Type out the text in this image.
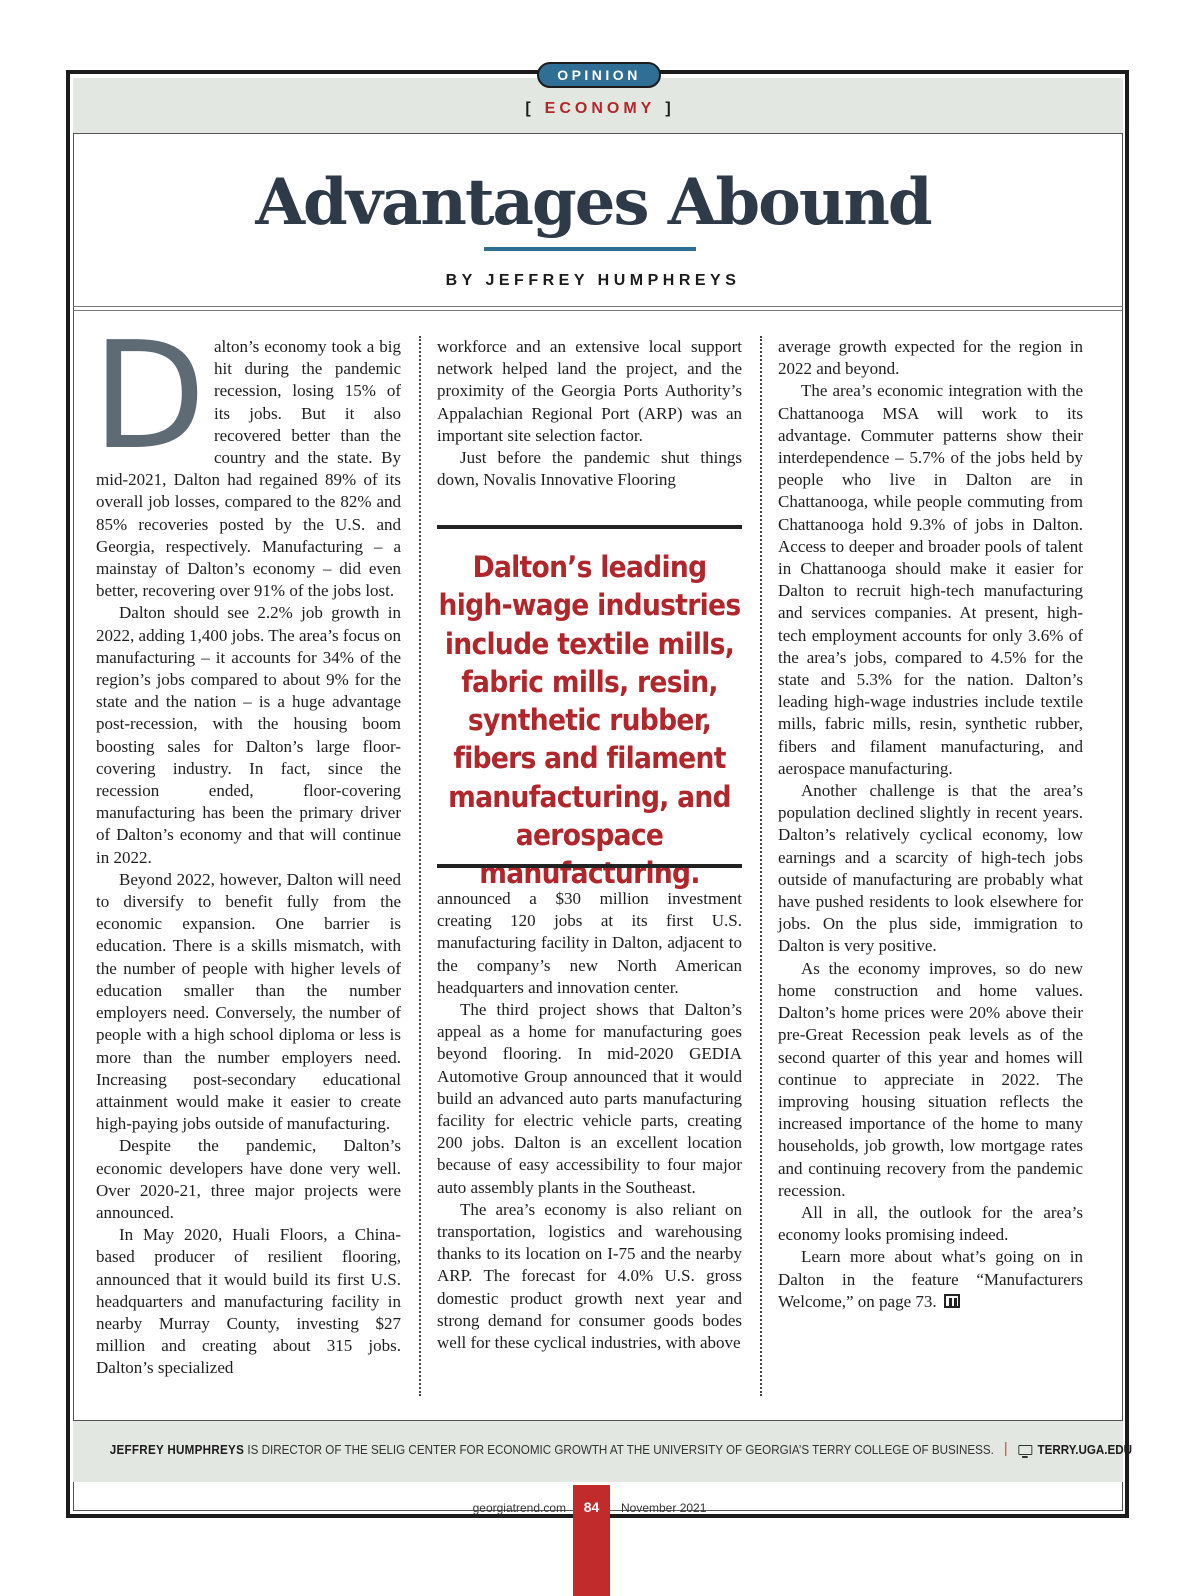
OPINION
[ ECONOMY ]
Advantages Abound
BY JEFFREY HUMPHREYS
D alton’s economy took a big hit during the pandemic recession, losing 15% of its jobs. But it also recovered better than the country and the state. By mid-2021, Dalton had regained 89% of its overall job losses, compared to the 82% and 85% recoveries posted by the U.S. and Georgia, respectively. Manufacturing – a mainstay of Dalton’s economy – did even better, recovering over 91% of the jobs lost.

Dalton should see 2.2% job growth in 2022, adding 1,400 jobs. The area’s focus on manufacturing – it accounts for 34% of the region’s jobs compared to about 9% for the state and the nation – is a huge advantage post-recession, with the housing boom boosting sales for Dalton’s large floor-covering industry. In fact, since the recession ended, floor-covering manufacturing has been the primary driver of Dalton’s economy and that will continue in 2022.

Beyond 2022, however, Dalton will need to diversify to benefit fully from the economic expansion. One barrier is education. There is a skills mismatch, with the number of people with higher levels of education smaller than the number employers need. Conversely, the number of people with a high school diploma or less is more than the number employers need. Increasing post-secondary educational attainment would make it easier to create high-paying jobs outside of manufacturing.

Despite the pandemic, Dalton’s economic developers have done very well. Over 2020-21, three major projects were announced.

In May 2020, Huali Floors, a China-based producer of resilient flooring, announced that it would build its first U.S. headquarters and manufacturing facility in nearby Murray County, investing $27 million and creating about 315 jobs. Dalton’s specialized

workforce and an extensive local support network helped land the project, and the proximity of the Georgia Ports Authority’s Appalachian Regional Port (ARP) was an important site selection factor.

Just before the pandemic shut things down, Novalis Innovative Flooring

Dalton’s leading high-wage industries include textile mills, fabric mills, resin, synthetic rubber, fibers and filament manufacturing, and aerospace manufacturing.

announced a $30 million investment creating 120 jobs at its first U.S. manufacturing facility in Dalton, adjacent to the company’s new North American headquarters and innovation center.

The third project shows that Dalton’s appeal as a home for manufacturing goes beyond flooring. In mid-2020 GEDIA Automotive Group announced that it would build an advanced auto parts manufacturing facility for electric vehicle parts, creating 200 jobs. Dalton is an excellent location because of easy accessibility to four major auto assembly plants in the Southeast.

The area’s economy is also reliant on transportation, logistics and warehousing thanks to its location on I-75 and the nearby ARP. The forecast for 4.0% U.S. gross domestic product growth next year and strong demand for consumer goods bodes well for these cyclical industries, with above

average growth expected for the region in 2022 and beyond.

The area’s economic integration with the Chattanooga MSA will work to its advantage. Commuter patterns show their interdependence – 5.7% of the jobs held by people who live in Dalton are in Chattanooga, while people commuting from Chattanooga hold 9.3% of jobs in Dalton. Access to deeper and broader pools of talent in Chattanooga should make it easier for Dalton to recruit high-tech manufacturing and services companies. At present, high-tech employment accounts for only 3.6% of the area’s jobs, compared to 4.5% for the state and 5.3% for the nation. Dalton’s leading high-wage industries include textile mills, fabric mills, resin, synthetic rubber, fibers and filament manufacturing, and aerospace manufacturing.

Another challenge is that the area’s population declined slightly in recent years. Dalton’s relatively cyclical economy, low earnings and a scarcity of high-tech jobs outside of manufacturing are probably what have pushed residents to look elsewhere for jobs. On the plus side, immigration to Dalton is very positive.

As the economy improves, so do new home construction and home values. Dalton’s home prices were 20% above their pre-Great Recession peak levels as of the second quarter of this year and homes will continue to appreciate in 2022. The improving housing situation reflects the increased importance of the home to many households, job growth, low mortgage rates and continuing recovery from the pandemic recession.

All in all, the outlook for the area’s economy looks promising indeed.

Learn more about what’s going on in Dalton in the feature “Manufacturers Welcome,” on page 73.

JEFFREY HUMPHREYS IS DIRECTOR OF THE SELIG CENTER FOR ECONOMIC GROWTH AT THE UNIVERSITY OF GEORGIA’S TERRY COLLEGE OF BUSINESS.	TERRY.UGA.EDU
georgiatrend.com	84	November 2021
